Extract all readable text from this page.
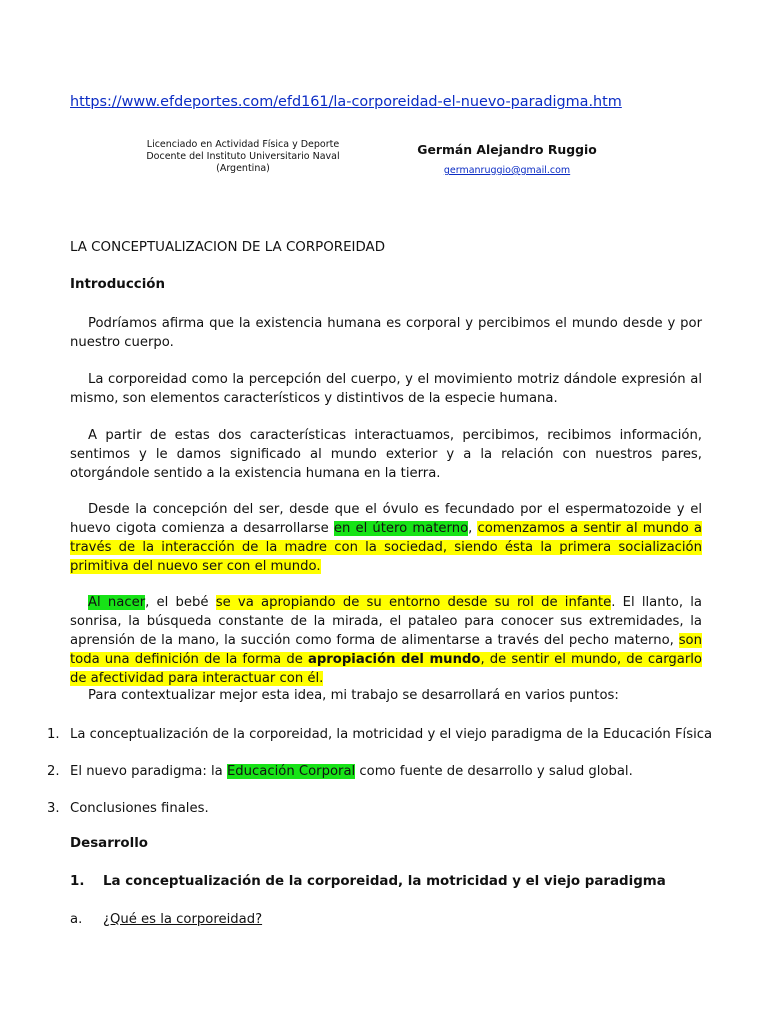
https://www.efdeportes.com/efd161/la-corporeidad-el-nuevo-paradigma.htm
Licenciado en Actividad Física y Deporte
Docente del Instituto Universitario Naval
(Argentina)
Germán Alejandro Ruggio
germanruggio@gmail.com
LA CONCEPTUALIZACION DE LA CORPOREIDAD
Introducción

Podríamos afirma que la existencia humana es corporal y percibimos el mundo desde y por nuestro cuerpo.

La corporeidad como la percepción del cuerpo, y el movimiento motriz dándole expresión al mismo, son elementos característicos y distintivos de la especie humana.

A partir de estas dos características interactuamos, percibimos, recibimos información, sentimos y le damos significado al mundo exterior y a la relación con nuestros pares, otorgándole sentido a la existencia humana en la tierra.

Desde la concepción del ser, desde que el óvulo es fecundado por el espermatozoide y el huevo cigota comienza a desarrollarse en el útero materno, comenzamos a sentir al mundo a través de la interacción de la madre con la sociedad, siendo ésta la primera socialización primitiva del nuevo ser con el mundo.

Al nacer, el bebé se va apropiando de su entorno desde su rol de infante. El llanto, la sonrisa, la búsqueda constante de la mirada, el pataleo para conocer sus extremidades, la aprensión de la mano, la succión como forma de alimentarse a través del pecho materno, son toda una definición de la forma de apropiación del mundo, de sentir el mundo, de cargarlo de afectividad para interactuar con él.

Para contextualizar mejor esta idea, mi trabajo se desarrollará en varios puntos:

1. La conceptualización de la corporeidad, la motricidad y el viejo paradigma de la Educación Física
2. El nuevo paradigma: la Educación Corporal como fuente de desarrollo y salud global.
3. Conclusiones finales.
Desarrollo
1. La conceptualización de la corporeidad, la motricidad y el viejo paradigma
a. ¿Qué es la corporeidad?
